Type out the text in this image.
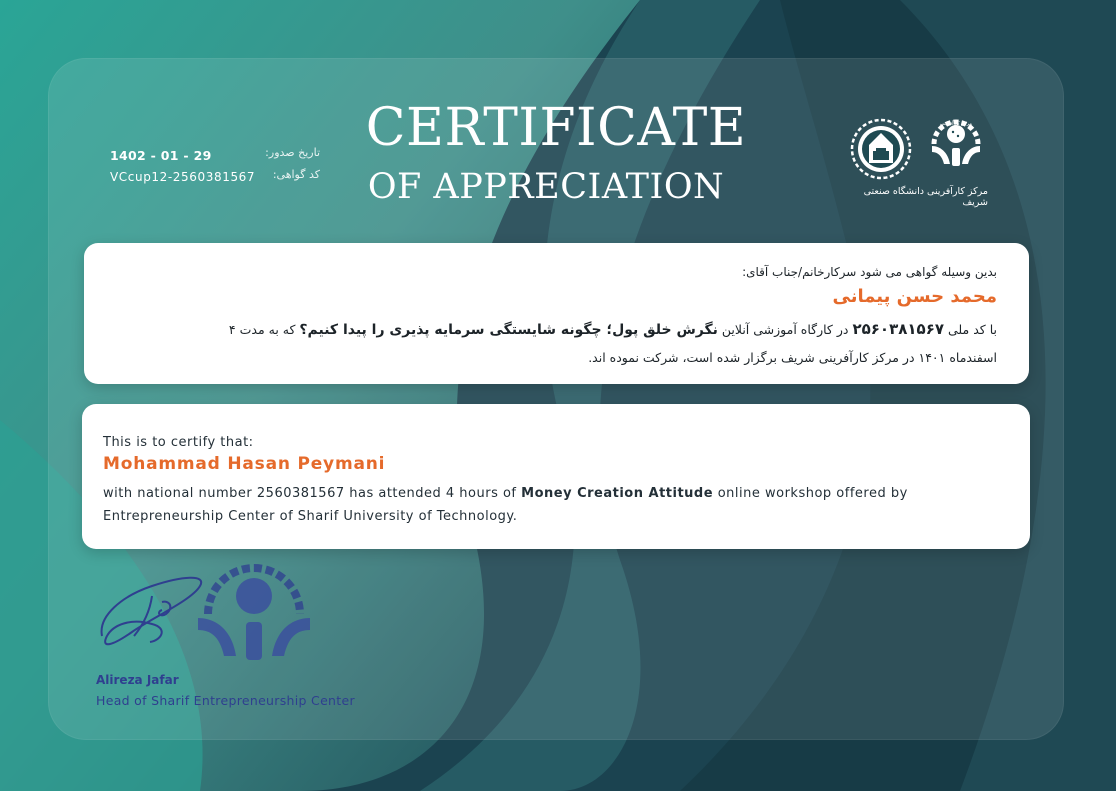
1402 - 01 - 29	تاریخ صدور:
VCcup12-2560381567 کد گواهی:
CERTIFICATE
OF APPRECIATION
مرکز کارآفرینی
مرکز کارآفرینی دانشگاه صنعتی شریف
بدین وسیله گواهی می شود سرکارخانم/جناب آقای:
محمد حسن پیمانی
با کد ملی ۲۵۶۰۳۸۱۵۶۷ در کارگاه آموزشی آنلاین نگرش خلق پول؛ چگونه شایستگی سرمایه پذیری را پیدا کنیم؟ که به مدت ۴
اسفندماه ۱۴۰۱ در مرکز کارآفرینی شریف برگزار شده است، شرکت نموده اند.
This is to certify that:
Mohammad Hasan Peymani
with national number 2560381567 has attended 4 hours of Money Creation Attitude online workshop offered by Entrepreneurship Center of Sharif University of Technology.
Alireza Jafar
Head of Sharif Entrepreneurship Center
